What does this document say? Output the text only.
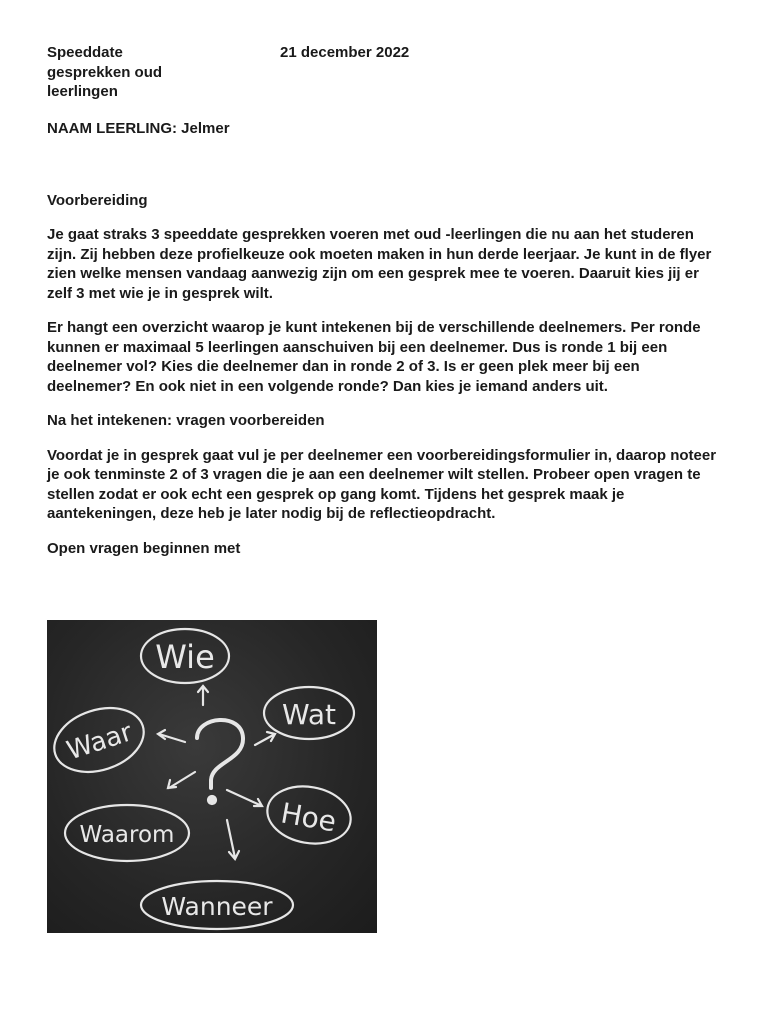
Speeddate
gesprekken oud
leerlingen
21 december 2022

NAAM LEERLING: Jelmer

Voorbereiding

Je gaat straks 3 speeddate gesprekken voeren met oud -leerlingen die nu aan het studeren zijn. Zij hebben deze profielkeuze ook moeten maken in hun derde leerjaar. Je kunt in de flyer zien welke mensen vandaag aanwezig zijn om een gesprek mee te voeren. Daaruit kies jij er zelf 3 met wie je in gesprek wilt.

Er hangt een overzicht waarop je kunt intekenen bij de verschillende deelnemers. Per ronde kunnen er maximaal 5 leerlingen aanschuiven bij een deelnemer. Dus is ronde 1 bij een deelnemer vol? Kies die deelnemer dan in ronde 2 of 3. Is er geen plek meer bij een deelnemer? En ook niet in een volgende ronde? Dan kies je iemand anders uit.

Na het intekenen: vragen voorbereiden

Voordat je in gesprek gaat vul je per deelnemer een voorbereidingsformulier in, daarop noteer je ook tenminste 2 of 3 vragen die je aan een deelnemer wilt stellen. Probeer open vragen te stellen zodat er ook echt een gesprek op gang komt. Tijdens het gesprek maak je aantekeningen, deze heb je later nodig bij de reflectieopdracht.

Open vragen beginnen met

Wie
Wat
Hoe
Wanneer
Waarom
Waar
